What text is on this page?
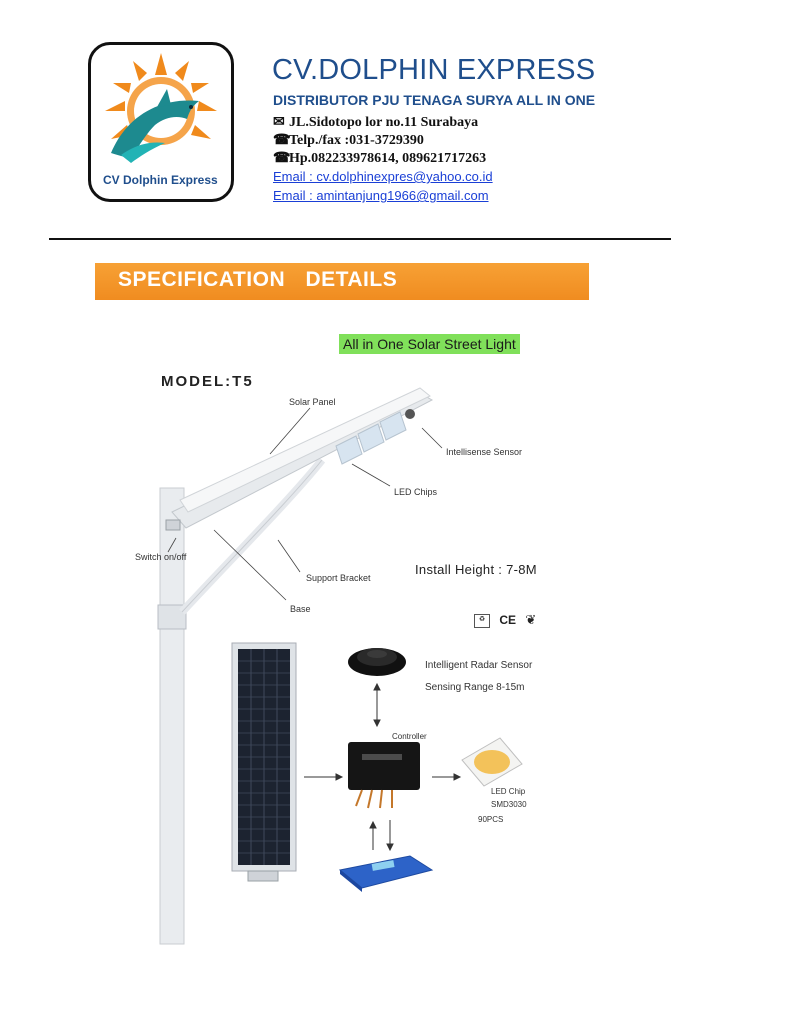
CV Dolphin Express
CV.DOLPHIN EXPRESS
DISTRIBUTOR PJU TENAGA SURYA ALL IN ONE
✉ JL.Sidotopo lor no.11 Surabaya
☎Telp./fax :031-3729390
☎Hp.082233978614, 089621717263
Email : cv.dolphinexpres@yahoo.co.id
Email : amintanjung1966@gmail.com
SPECIFICATION DETAILS
All in One Solar Street Light
MODEL:T5
Solar Panel
Intellisense Sensor
LED Chips
Switch on/off
Support Bracket
Base
Install Height : 7-8M
♻ CE ❦
Intelligent Radar Sensor
Sensing Range 8-15m
Controller
LED Chip
SMD3030
90PCS
